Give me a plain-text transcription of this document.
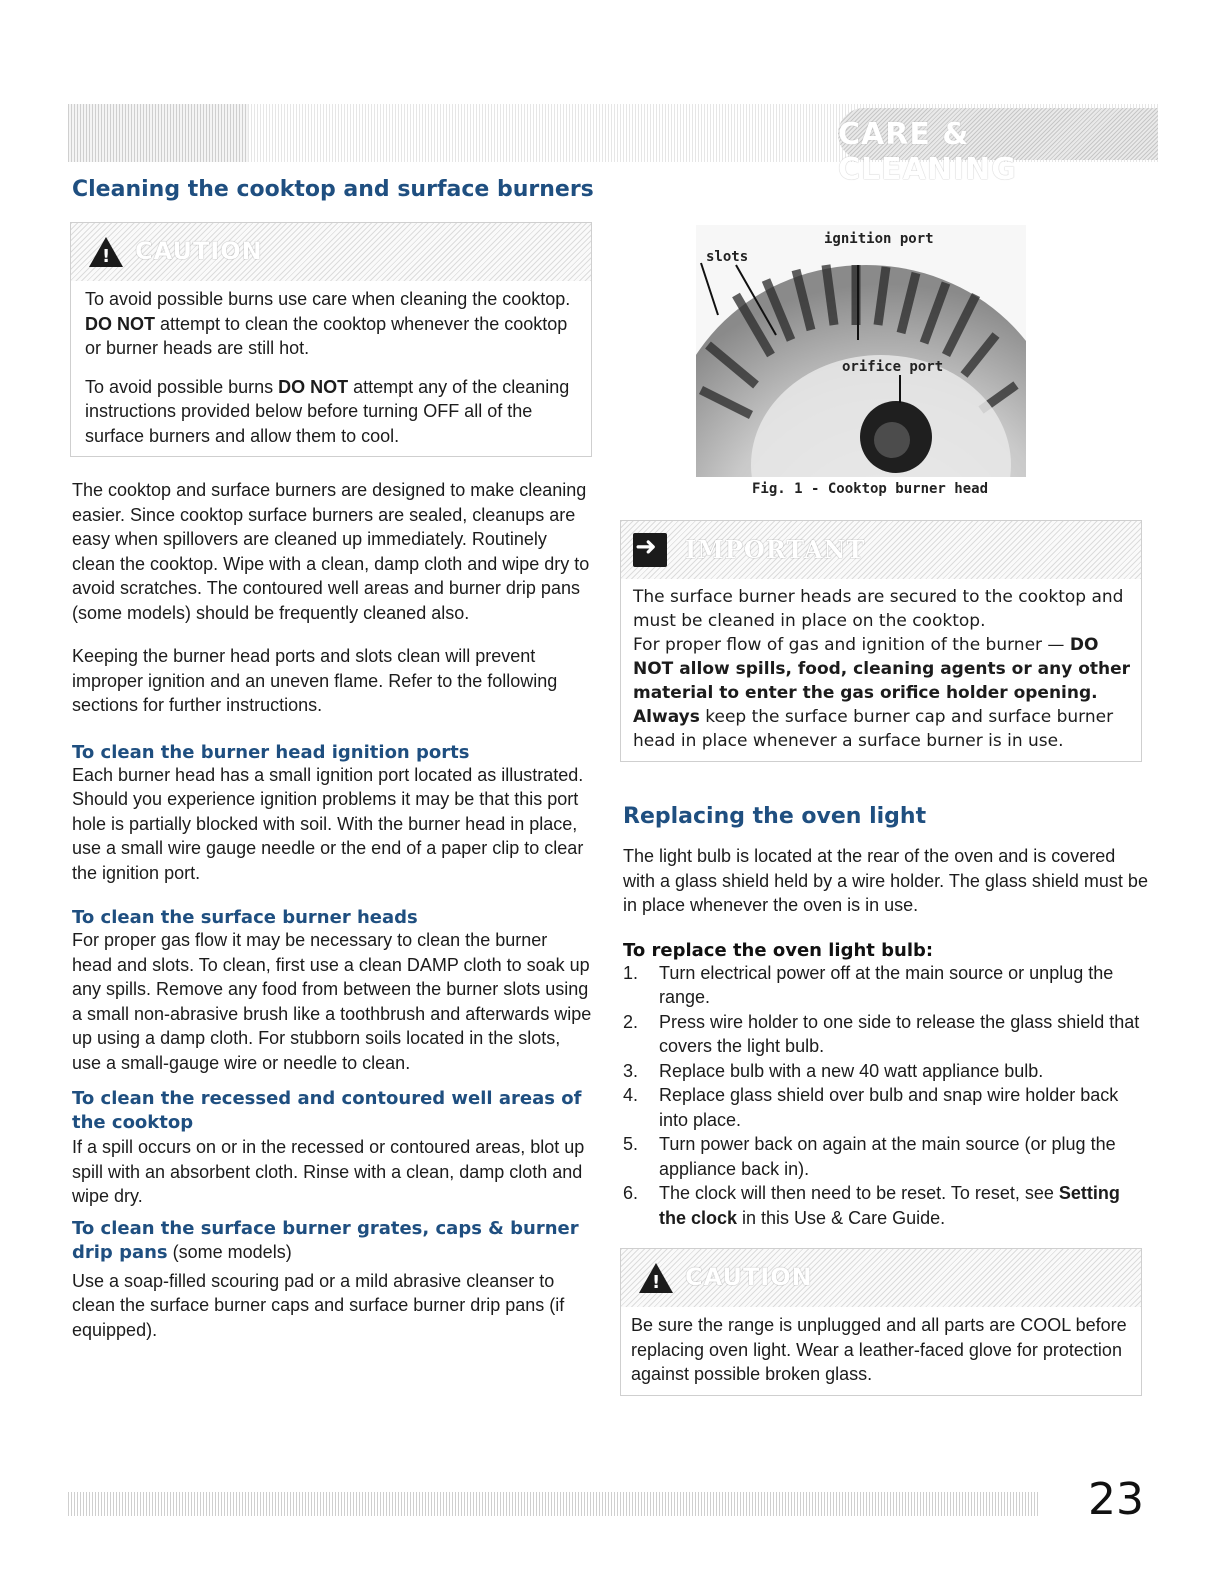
CARE & CLEANING
Cleaning the cooktop and surface burners
! CAUTION

To avoid possible burns use care when cleaning the cooktop. DO NOT attempt to clean the cooktop whenever the cooktop or burner heads are still hot.

To avoid possible burns DO NOT attempt any of the cleaning instructions provided below before turning OFF all of the surface burners and allow them to cool.

The cooktop and surface burners are designed to make cleaning easier. Since cooktop surface burners are sealed, cleanups are easy when spillovers are cleaned up immediately. Routinely clean the cooktop. Wipe with a clean, damp cloth and wipe dry to avoid scratches. The contoured well areas and burner drip pans (some models) should be frequently cleaned also.

Keeping the burner head ports and slots clean will prevent improper ignition and an uneven flame. Refer to the following sections for further instructions.

To clean the burner head ignition ports

Each burner head has a small ignition port located as illustrated. Should you experience ignition problems it may be that this port hole is partially blocked with soil. With the burner head in place, use a small wire gauge needle or the end of a paper clip to clear the ignition port.

To clean the surface burner heads

For proper gas flow it may be necessary to clean the burner head and slots. To clean, first use a clean DAMP cloth to soak up any spills. Remove any food from between the burner slots using a small non-abrasive brush like a toothbrush and afterwards wipe up using a damp cloth. For stubborn soils located in the slots, use a small-gauge wire or needle to clean.

To clean the recessed and contoured well areas of the cooktop

If a spill occurs on or in the recessed or contoured areas, blot up spill with an absorbent cloth. Rinse with a clean, damp cloth and wipe dry.

To clean the surface burner grates, caps & burner drip pans (some models)

Use a soap-filled scouring pad or a mild abrasive cleanser to clean the surface burner caps and surface burner drip pans (if equipped).

ignition port
slots
orifice port
Fig. 1 - Cooktop burner head
➜ IMPORTANT

The surface burner heads are secured to the cooktop and must be cleaned in place on the cooktop.
For proper flow of gas and ignition of the burner — DO NOT allow spills, food, cleaning agents or any other material to enter the gas orifice holder opening. Always keep the surface burner cap and surface burner head in place whenever a surface burner is in use.

Replacing the oven light

The light bulb is located at the rear of the oven and is covered with a glass shield held by a wire holder. The glass shield must be in place whenever the oven is in use.

To replace the oven light bulb:
1. Turn electrical power off at the main source or unplug the range.
2. Press wire holder to one side to release the glass shield that covers the light bulb.
3. Replace bulb with a new 40 watt appliance bulb.
4. Replace glass shield over bulb and snap wire holder back into place.
5. Turn power back on again at the main source (or plug the appliance back in).
6. The clock will then need to be reset. To reset, see Setting the clock in this Use & Care Guide.
! CAUTION

Be sure the range is unplugged and all parts are COOL before replacing oven light. Wear a leather-faced glove for protection against possible broken glass.

23
